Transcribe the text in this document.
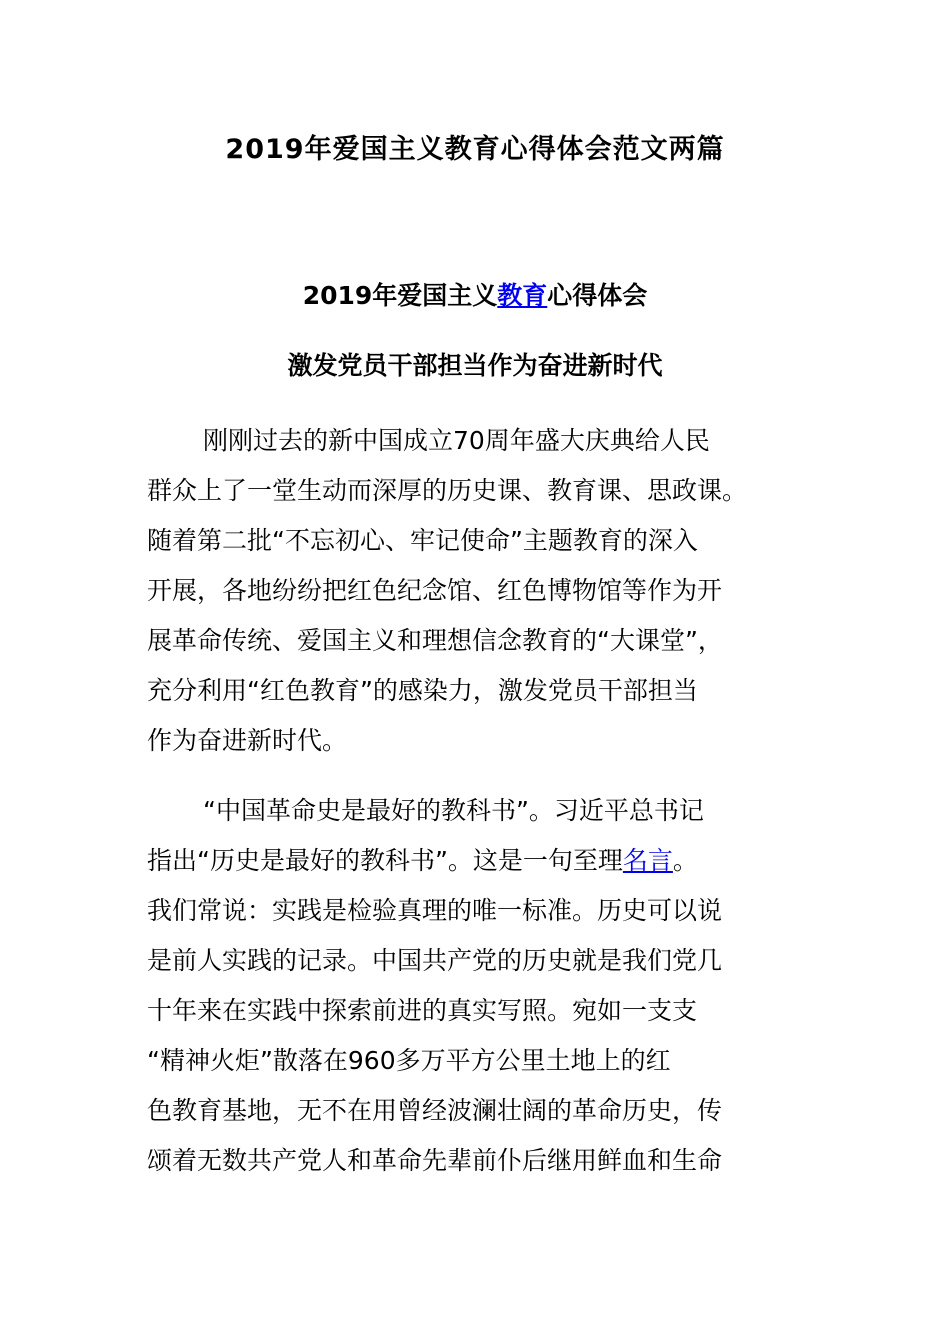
2019年爱国主义教育心得体会范文两篇
2019年爱国主义教育心得体会
激发党员干部担当作为奋进新时代

刚刚过去的新中国成立70周年盛大庆典给人民
群众上了一堂生动而深厚的历史课、教育课、思政课。
随着第二批“不忘初心、牢记使命”主题教育的深入
开展，各地纷纷把红色纪念馆、红色博物馆等作为开
展革命传统、爱国主义和理想信念教育的“大课堂”，
充分利用“红色教育”的感染力，激发党员干部担当
作为奋进新时代。

“中国革命史是最好的教科书”。习近平总书记
指出“历史是最好的教科书”。这是一句至理名言。
我们常说：实践是检验真理的唯一标准。历史可以说
是前人实践的记录。中国共产党的历史就是我们党几
十年来在实践中探索前进的真实写照。宛如一支支
“精神火炬”散落在960多万平方公里土地上的红
色教育基地，无不在用曾经波澜壮阔的革命历史，传
颂着无数共产党人和革命先辈前仆后继用鲜血和生命
